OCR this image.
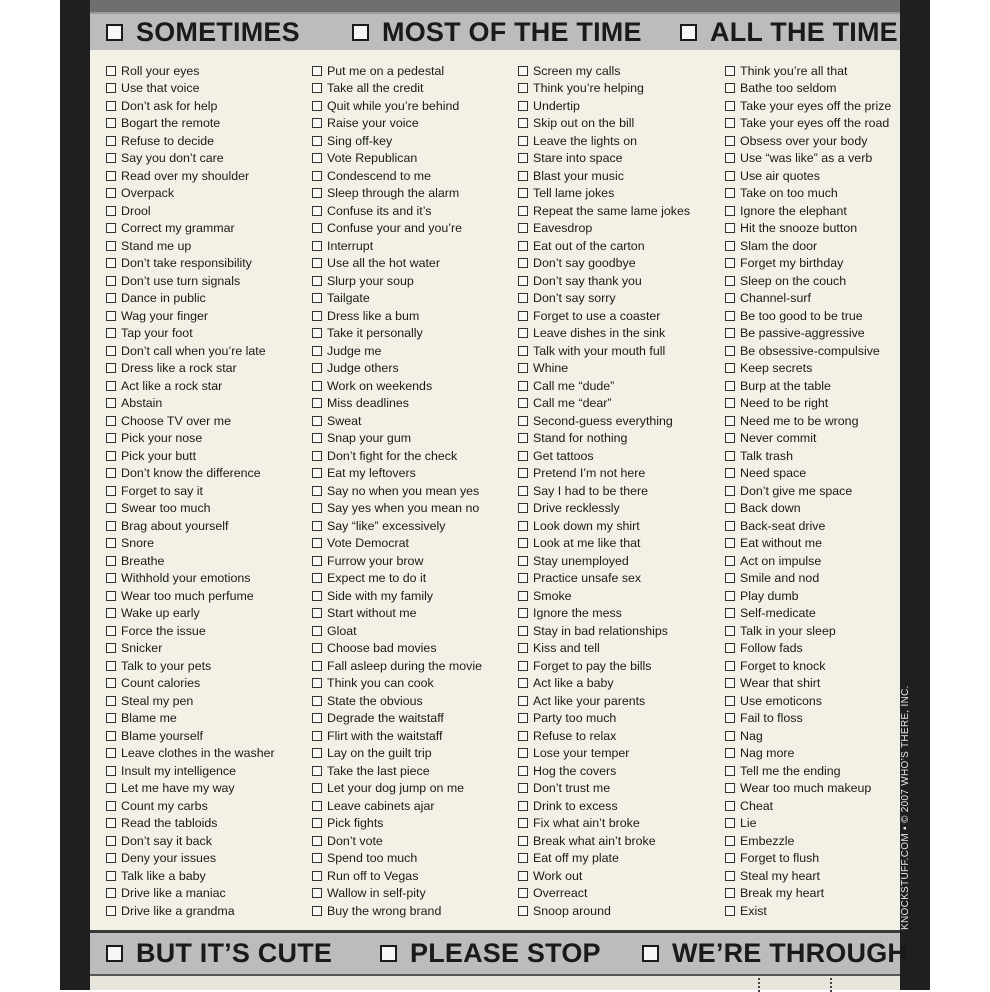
SOMETIMES	MOST OF THE TIME	ALL THE TIME
Roll your eyes
Use that voice
Don’t ask for help
Bogart the remote
Refuse to decide
Say you don’t care
Read over my shoulder
Overpack
Drool
Correct my grammar
Stand me up
Don’t take responsibility
Don’t use turn signals
Dance in public
Wag your finger
Tap your foot
Don’t call when you’re late
Dress like a rock star
Act like a rock star
Abstain
Choose TV over me
Pick your nose
Pick your butt
Don’t know the difference
Forget to say it
Swear too much
Brag about yourself
Snore
Breathe
Withhold your emotions
Wear too much perfume
Wake up early
Force the issue
Snicker
Talk to your pets
Count calories
Steal my pen
Blame me
Blame yourself
Leave clothes in the washer
Insult my intelligence
Let me have my way
Count my carbs
Read the tabloids
Don’t say it back
Deny your issues
Talk like a baby
Drive like a maniac
Drive like a grandma
Put me on a pedestal
Take all the credit
Quit while you’re behind
Raise your voice
Sing off-key
Vote Republican
Condescend to me
Sleep through the alarm
Confuse its and it’s
Confuse your and you’re
Interrupt
Use all the hot water
Slurp your soup
Tailgate
Dress like a bum
Take it personally
Judge me
Judge others
Work on weekends
Miss deadlines
Sweat
Snap your gum
Don’t fight for the check
Eat my leftovers
Say no when you mean yes
Say yes when you mean no
Say “like” excessively
Vote Democrat
Furrow your brow
Expect me to do it
Side with my family
Start without me
Gloat
Choose bad movies
Fall asleep during the movie
Think you can cook
State the obvious
Degrade the waitstaff
Flirt with the waitstaff
Lay on the guilt trip
Take the last piece
Let your dog jump on me
Leave cabinets ajar
Pick fights
Don’t vote
Spend too much
Run off to Vegas
Wallow in self-pity
Buy the wrong brand
Screen my calls
Think you’re helping
Undertip
Skip out on the bill
Leave the lights on
Stare into space
Blast your music
Tell lame jokes
Repeat the same lame jokes
Eavesdrop
Eat out of the carton
Don’t say goodbye
Don’t say thank you
Don’t say sorry
Forget to use a coaster
Leave dishes in the sink
Talk with your mouth full
Whine
Call me “dude”
Call me “dear”
Second-guess everything
Stand for nothing
Get tattoos
Pretend I’m not here
Say I had to be there
Drive recklessly
Look down my shirt
Look at me like that
Stay unemployed
Practice unsafe sex
Smoke
Ignore the mess
Stay in bad relationships
Kiss and tell
Forget to pay the bills
Act like a baby
Act like your parents
Party too much
Refuse to relax
Lose your temper
Hog the covers
Don’t trust me
Drink to excess
Fix what ain’t broke
Break what ain’t broke
Eat off my plate
Work out
Overreact
Snoop around
Think you’re all that
Bathe too seldom
Take your eyes off the prize
Take your eyes off the road
Obsess over your body
Use “was like” as a verb
Use air quotes
Take on too much
Ignore the elephant
Hit the snooze button
Slam the door
Forget my birthday
Sleep on the couch
Channel-surf
Be too good to be true
Be passive-aggressive
Be obsessive-compulsive
Keep secrets
Burp at the table
Need to be right
Need me to be wrong
Never commit
Talk trash
Need space
Don’t give me space
Back down
Back-seat drive
Eat without me
Act on impulse
Smile and nod
Play dumb
Self-medicate
Talk in your sleep
Follow fads
Forget to knock
Wear that shirt
Use emoticons
Fail to floss
Nag
Nag more
Tell me the ending
Wear too much makeup
Cheat
Lie
Embezzle
Forget to flush
Steal my heart
Break my heart
Exist
BUT IT’S CUTE	PLEASE STOP	WE’RE THROUGH
KNOCKSTUFF.COM ▪ © 2007 WHO’S THERE, INC.
